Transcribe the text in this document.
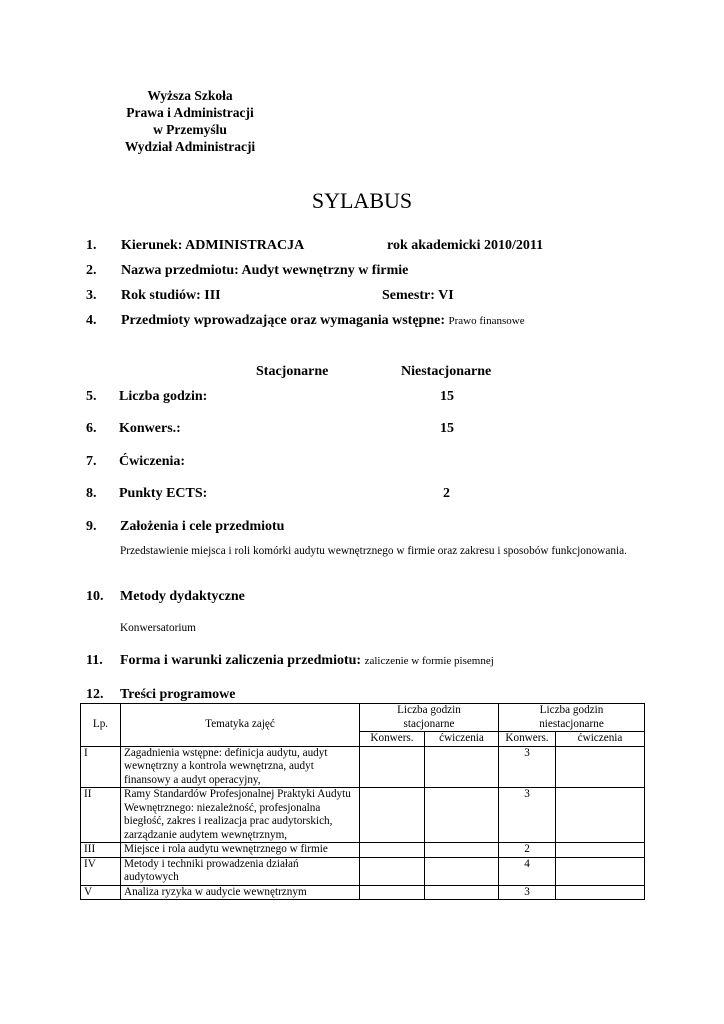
Wyższa Szkoła
Prawa i Administracji
w Przemyślu
Wydział Administracji
SYLABUS
1. Kierunek: ADMINISTRACJA	rok akademicki 2010/2011
2. Nazwa przedmiotu: Audyt wewnętrzny w firmie
3. Rok studiów: III	Semestr: VI
4. Przedmioty wprowadzające oraz wymagania wstępne: Prawo finansowe
Stacjonarne	Niestacjonarne
5. Liczba godzin:	15
6. Konwers.:	15
7. Ćwiczenia:
8. Punkty ECTS:	2
9. Założenia i cele przedmiotu
Przedstawienie miejsca i roli komórki audytu wewnętrznego w firmie oraz zakresu i sposobów funkcjonowania.
10. Metody dydaktyczne
Konwersatorium
11. Forma i warunki zaliczenia przedmiotu: zaliczenie w formie pisemnej
12. Treści programowe
Lp.	Tematyka zajęć	Liczba godzin stacjonarne		Liczba godzin niestacjonarne	
		Konwers.	ćwiczenia	Konwers.	ćwiczenia
I	Zagadnienia wstępne: definicja audytu, audyt wewnętrzny a kontrola wewnętrzna, audyt finansowy a audyt operacyjny,			3	
II	Ramy Standardów Profesjonalnej Praktyki Audytu Wewnętrznego: niezależność, profesjonalna biegłość, zakres i realizacja prac audytorskich, zarządzanie audytem wewnętrznym,			3	
III	Miejsce i rola audytu wewnętrznego w firmie			2	
IV	Metody i techniki prowadzenia działań audytowych			4	
V	Analiza ryzyka w audycie wewnętrznym			3	
